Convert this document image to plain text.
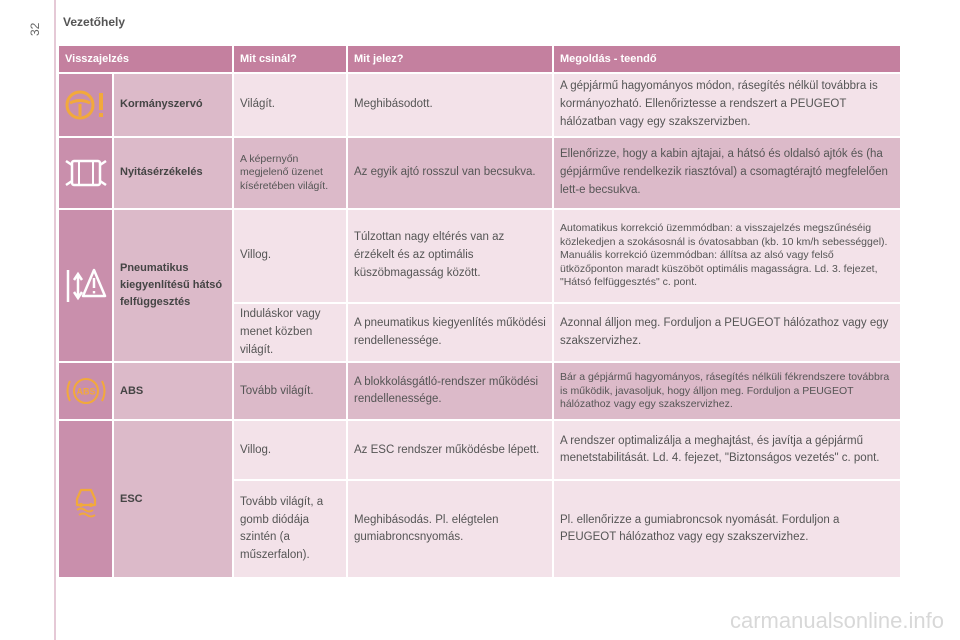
Vezetőhely
32
Visszajelzés		Mit csinál?	Mit jelez?	Megoldás - teendő

	Kormányszervó	Világít.	Meghibásodott.	A gépjármű hagyományos módon, rásegítés nélkül továbbra is kormányozható. Ellenőriztesse a rendszert a PEUGEOT hálózatban vagy egy szakszervizben.

	Nyitásérzékelés	A képernyőn megjelenő üzenet kíséretében világít.	Az egyik ajtó rosszul van becsukva.	Ellenőrizze, hogy a kabin ajtajai, a hátsó és oldalsó ajtók és (ha gépjárműve rendelkezik riasztóval) a csomagtérajtó megfelelően lett-e becsukva.

	Pneumatikus kiegyenlítésű hátsó felfüggesztés	Villog.	Túlzottan nagy eltérés van az érzékelt és az optimális küszöbmagasság között.	Automatikus korrekció üzemmódban: a visszajelzés megszűnéséig közlekedjen a szokásosnál is óvatosabban (kb. 10 km/h sebességgel). Manuális korrekció üzemmódban: állítsa az alsó vagy felső ütközőponton maradt küszöböt optimális magasságra. Ld. 3. fejezet, "Hátsó felfüggesztés" c. pont.
		Induláskor vagy menet közben világít.	A pneumatikus kiegyenlítés működési rendellenessége.	Azonnal álljon meg. Forduljon a PEUGEOT hálózathoz vagy egy szakszervizhez.

ABS	ABS	Tovább világít.	A blokkolásgátló-rendszer működési rendellenessége.	Bár a gépjármű hagyományos, rásegítés nélküli fékrendszere továbbra is működik, javasoljuk, hogy álljon meg. Forduljon a PEUGEOT hálózathoz vagy egy szakszervizhez.

	ESC	Villog.	Az ESC rendszer működésbe lépett.	A rendszer optimalizálja a meghajtást, és javítja a gépjármű menetstabilitását. Ld. 4. fejezet, "Biztonságos vezetés" c. pont.
		Tovább világít, a gomb diódája szintén (a műszerfalon).	Meghibásodás. Pl. elégtelen gumiabroncsnyomás.	Pl. ellenőrizze a gumiabroncsok nyomását. Forduljon a PEUGEOT hálózathoz vagy egy szakszervizhez.
carmanualsonline.info
